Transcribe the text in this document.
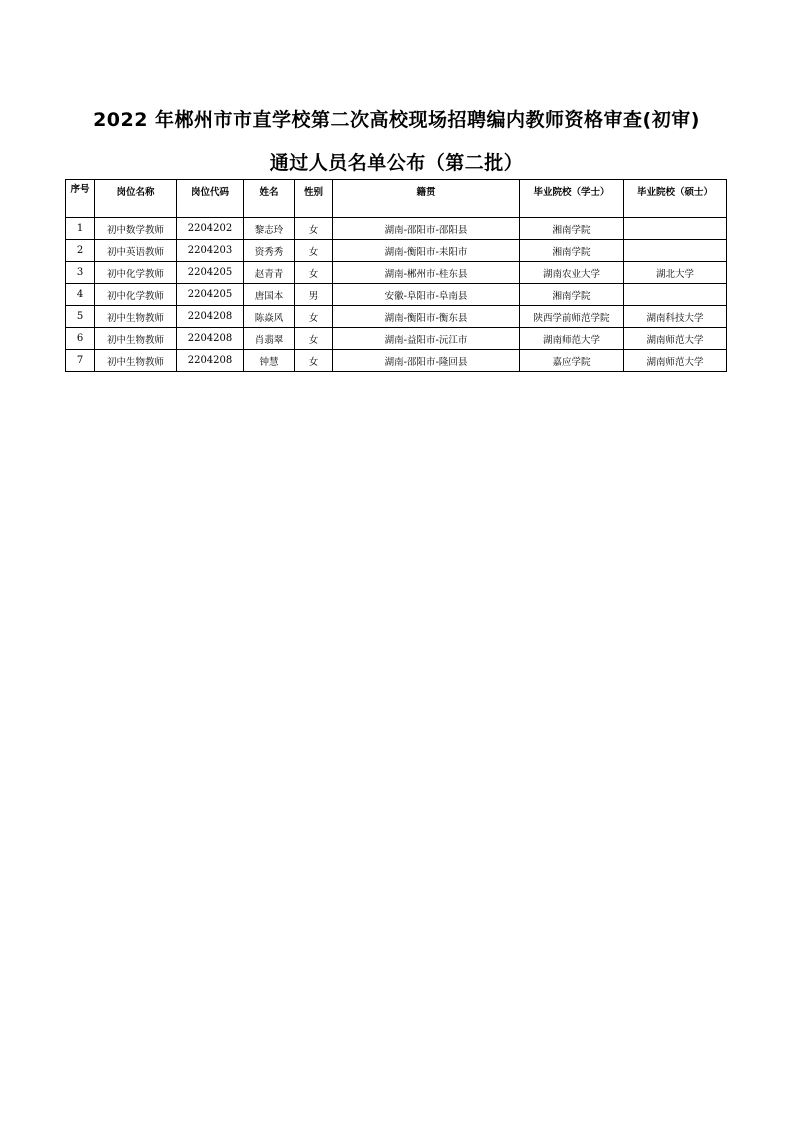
2022 年郴州市市直学校第二次高校现场招聘编内教师资格审查(初审)
通过人员名单公布（第二批）
序号	岗位名称	岗位代码	姓名	性别	籍贯	毕业院校（学士）	毕业院校（硕士）
1	初中数学教师	2204202	黎志玲	女	湖南-邵阳市-邵阳县	湘南学院	
2	初中英语教师	2204203	资秀秀	女	湖南-衡阳市-耒阳市	湘南学院	
3	初中化学教师	2204205	赵青青	女	湖南-郴州市-桂东县	湖南农业大学	湖北大学
4	初中化学教师	2204205	唐国本	男	安徽-阜阳市-阜南县	湘南学院	
5	初中生物教师	2204208	陈焱风	女	湖南-衡阳市-衡东县	陕西学前师范学院	湖南科技大学
6	初中生物教师	2204208	肖翡翠	女	湖南-益阳市-沅江市	湖南师范大学	湖南师范大学
7	初中生物教师	2204208	钟慧	女	湖南-邵阳市-隆回县	嘉应学院	湖南师范大学
